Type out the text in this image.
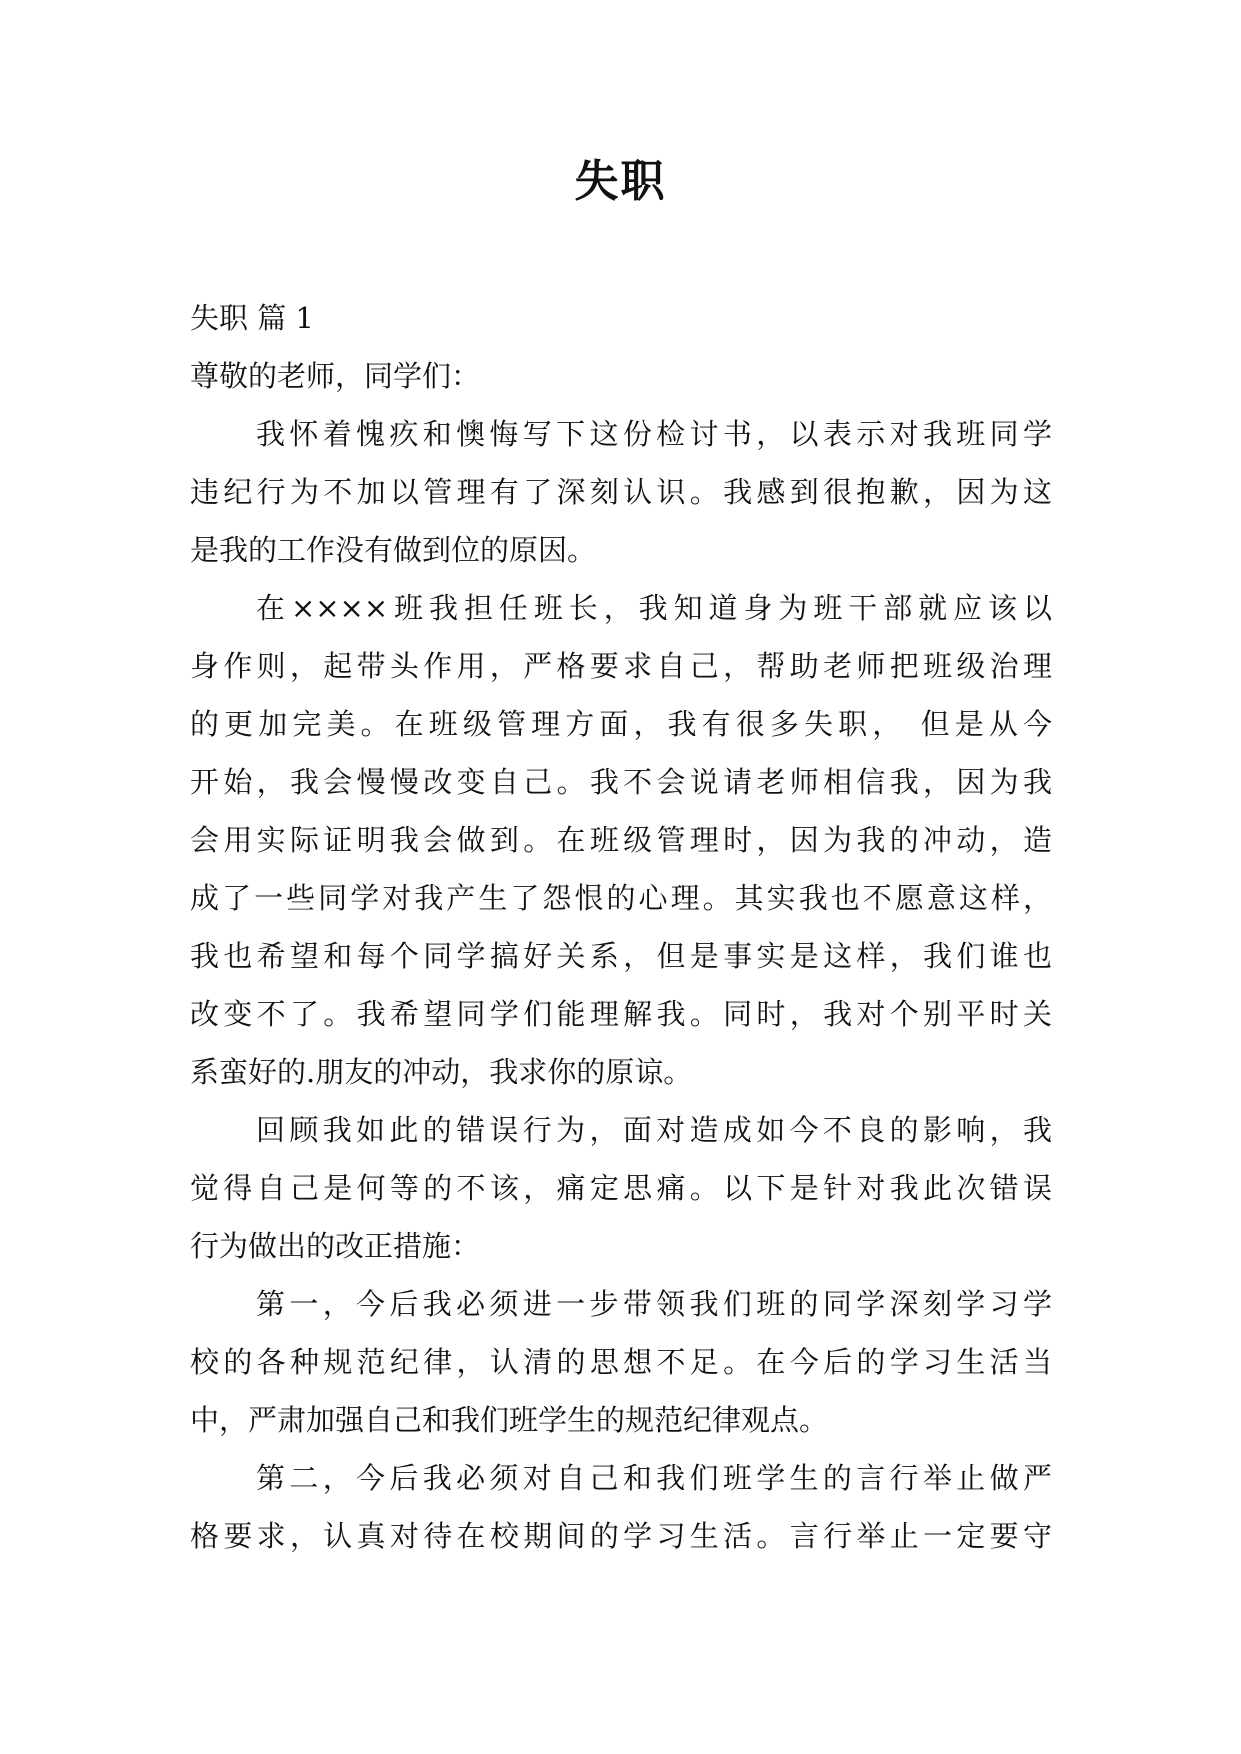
失职
失职 篇 1
尊敬的老师，同学们：
我怀着愧疚和懊悔写下这份检讨书，以表示对我班同学
违纪行为不加以管理有了深刻认识。我感到很抱歉，因为这
是我的工作没有做到位的原因。
在××××班我担任班长，我知道身为班干部就应该以
身作则，起带头作用，严格要求自己，帮助老师把班级治理
的更加完美。在班级管理方面，我有很多失职， 但是从今
开始，我会慢慢改变自己。我不会说请老师相信我，因为我
会用实际证明我会做到。在班级管理时，因为我的冲动，造
成了一些同学对我产生了怨恨的心理。其实我也不愿意这样，
我也希望和每个同学搞好关系，但是事实是这样，我们谁也
改变不了。我希望同学们能理解我。同时，我对个别平时关
系蛮好的.朋友的冲动，我求你的原谅。
回顾我如此的错误行为，面对造成如今不良的影响，我
觉得自己是何等的不该，痛定思痛。以下是针对我此次错误
行为做出的改正措施：
第一，今后我必须进一步带领我们班的同学深刻学习学
校的各种规范纪律，认清的思想不足。在今后的学习生活当
中，严肃加强自己和我们班学生的规范纪律观点。
第二，今后我必须对自己和我们班学生的言行举止做严
格要求，认真对待在校期间的学习生活。言行举止一定要守
